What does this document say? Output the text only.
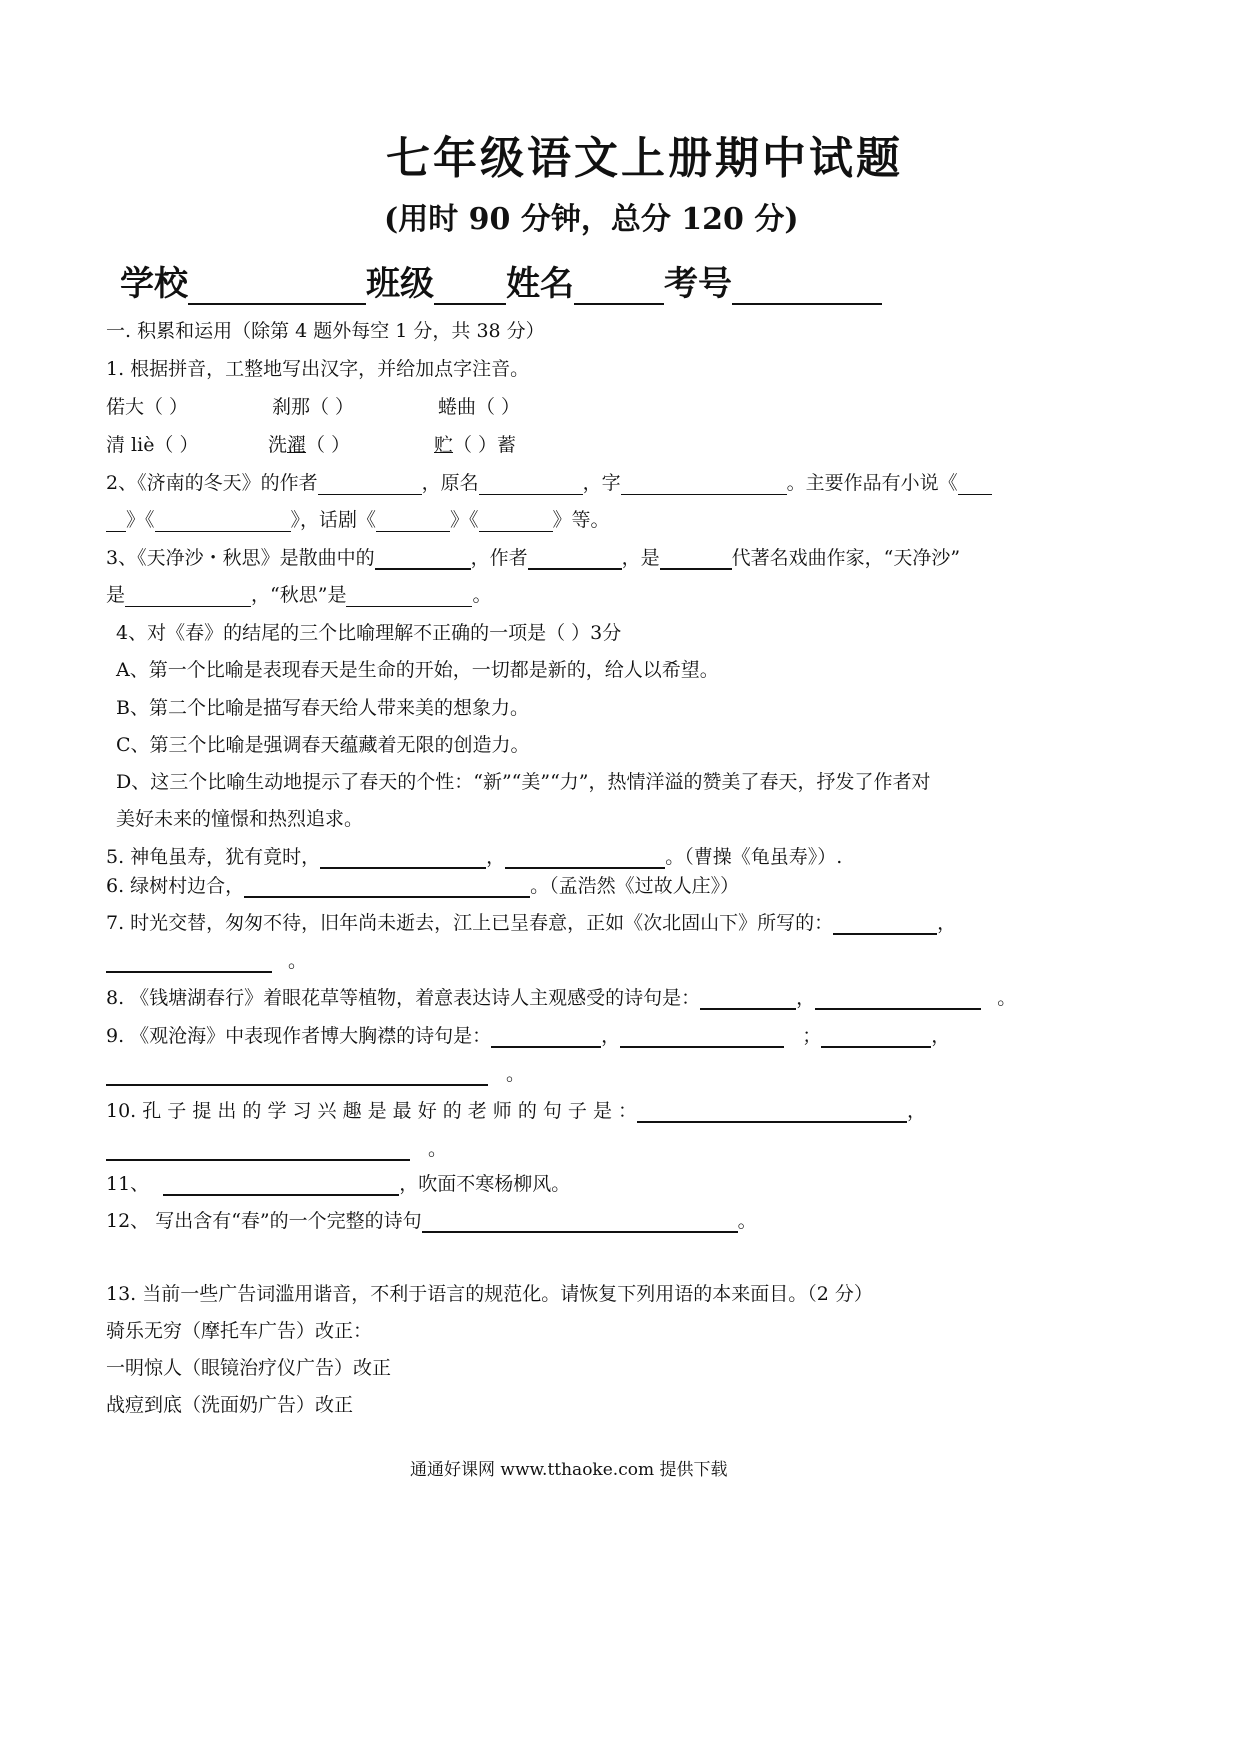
七年级语文上册期中试题
(用时 90 分钟，总分 120 分)
学校	班级 姓名	考号
一. 积累和运用（除第 4 题外每空 1 分，共 38 分）
1. 根据拼音，工整地写出汉字，并给加点字注音。
偌大（ ）	刹那（ ）	蜷曲（ ）
清 liè（ ）	洗濯（ ）	贮（ ）蓄
2、《济南的冬天》的作者	，原名	，字	。主要作品有小说《
》《	》，话剧《	》《	》等。
3、《天净沙・秋思》是散曲中的	，作者	，是	代著名戏曲作家，“天净沙”
是	，“秋思”是	。
4、对《春》的结尾的三个比喻理解不正确的一项是（ ）3分
A、第一个比喻是表现春天是生命的开始，一切都是新的，给人以希望。
B、第二个比喻是描写春天给人带来美的想象力。
C、第三个比喻是强调春天蕴藏着无限的创造力。
D、这三个比喻生动地提示了春天的个性：“新”“美”“力”，热情洋溢的赞美了春天，抒发了作者对
美好未来的憧憬和热烈追求。
5. 神龟虽寿，犹有竟时，	，	。（曹操《龟虽寿》）.
6. 绿树村边合，	。（孟浩然《过故人庄》）
7. 时光交替，匆匆不待，旧年尚未逝去，江上已呈春意，正如《次北固山下》所写的：	，
。
8. 《钱塘湖春行》着眼花草等植物，着意表达诗人主观感受的诗句是：	，	。
9. 《观沧海》中表现作者博大胸襟的诗句是：	，	；	，
。
10. 孔 子 提 出 的 学 习 兴 趣 是 最 好 的 老 师 的 句 子 是 ：	，
。
11、	，吹面不寒杨柳风。
12、 写出含有“春”的一个完整的诗句	。
13. 当前一些广告词滥用谐音，不利于语言的规范化。请恢复下列用语的本来面目。（2 分）
骑乐无穷（摩托车广告）改正：
一明惊人（眼镜治疗仪广告）改正
战痘到底（洗面奶广告）改正
通通好课网 www.tthaoke.com 提供下载
